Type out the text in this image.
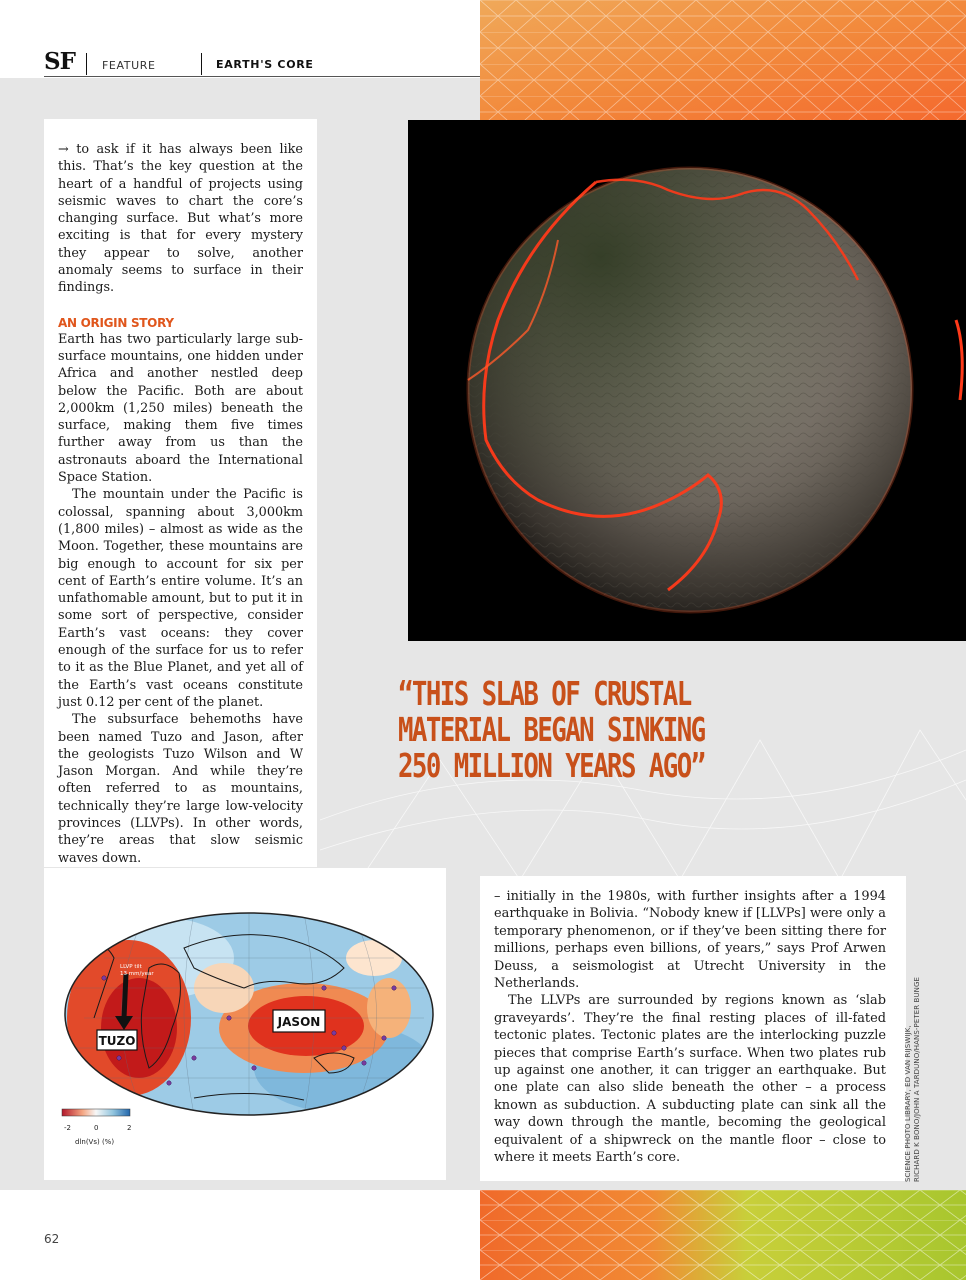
SF FEATURE	EARTH'S CORE

→ to ask if it has always been like this. That’s the key question at the heart of a handful of projects using seismic waves to chart the core’s changing surface. But what’s more exciting is that for every mystery they appear to solve, another anomaly seems to surface in their findings.

AN ORIGIN STORY

Earth has two particularly large sub-surface mountains, one hidden under Africa and another nestled deep below the Pacific. Both are about 2,000km (1,250 miles) beneath the surface, making them five times further away from us than the astronauts aboard the International Space Station.

The mountain under the Pacific is colossal, spanning about 3,000km (1,800 miles) – almost as wide as the Moon. Together, these mountains are big enough to account for six per cent of Earth’s entire volume. It’s an unfathomable amount, but to put it in some sort of perspective, consider Earth’s vast oceans: they cover enough of the surface for us to refer to it as the Blue Planet, and yet all of the Earth’s vast oceans constitute just 0.12 per cent of the planet.

The subsurface behemoths have been named Tuzo and Jason, after the geologists Tuzo Wilson and W Jason Morgan. And while they’re often referred to as mountains, technically they’re large low-velocity provinces (LLVPs). In other words, they’re areas that slow seismic waves down.

“THIS SLAB OF CRUSTAL
MATERIAL BEGAN SINKING
250 MILLION YEARS AGO”
TUZO
JASON
LLVP tilt
13 mm/year
-2	0	2
dln(Vs) (%)

– initially in the 1980s, with further insights after a 1994 earthquake in Bolivia. “Nobody knew if [LLVPs] were only a temporary phenomenon, or if they’ve been sitting there for millions, perhaps even billions, of years,” says Prof Arwen Deuss, a seismologist at Utrecht University in the Netherlands.

The LLVPs are surrounded by regions known as ‘slab graveyards’. They’re the final resting places of ill-fated tectonic plates. Tectonic plates are the interlocking puzzle pieces that comprise Earth’s surface. When two plates rub up against one another, it can trigger an earthquake. But one plate can also slide beneath the other – a process known as subduction. A subducting plate can sink all the way down through the mantle, becoming the geological equivalent of a shipwreck on the mantle floor – close to where it meets Earth’s core.	SCIENCE PHOTO LIBRARY, ED VAN RIJSWIJK, RICHARD K BONO/JOHN A TARDUNO/HANS-PETER BUNGE
62
